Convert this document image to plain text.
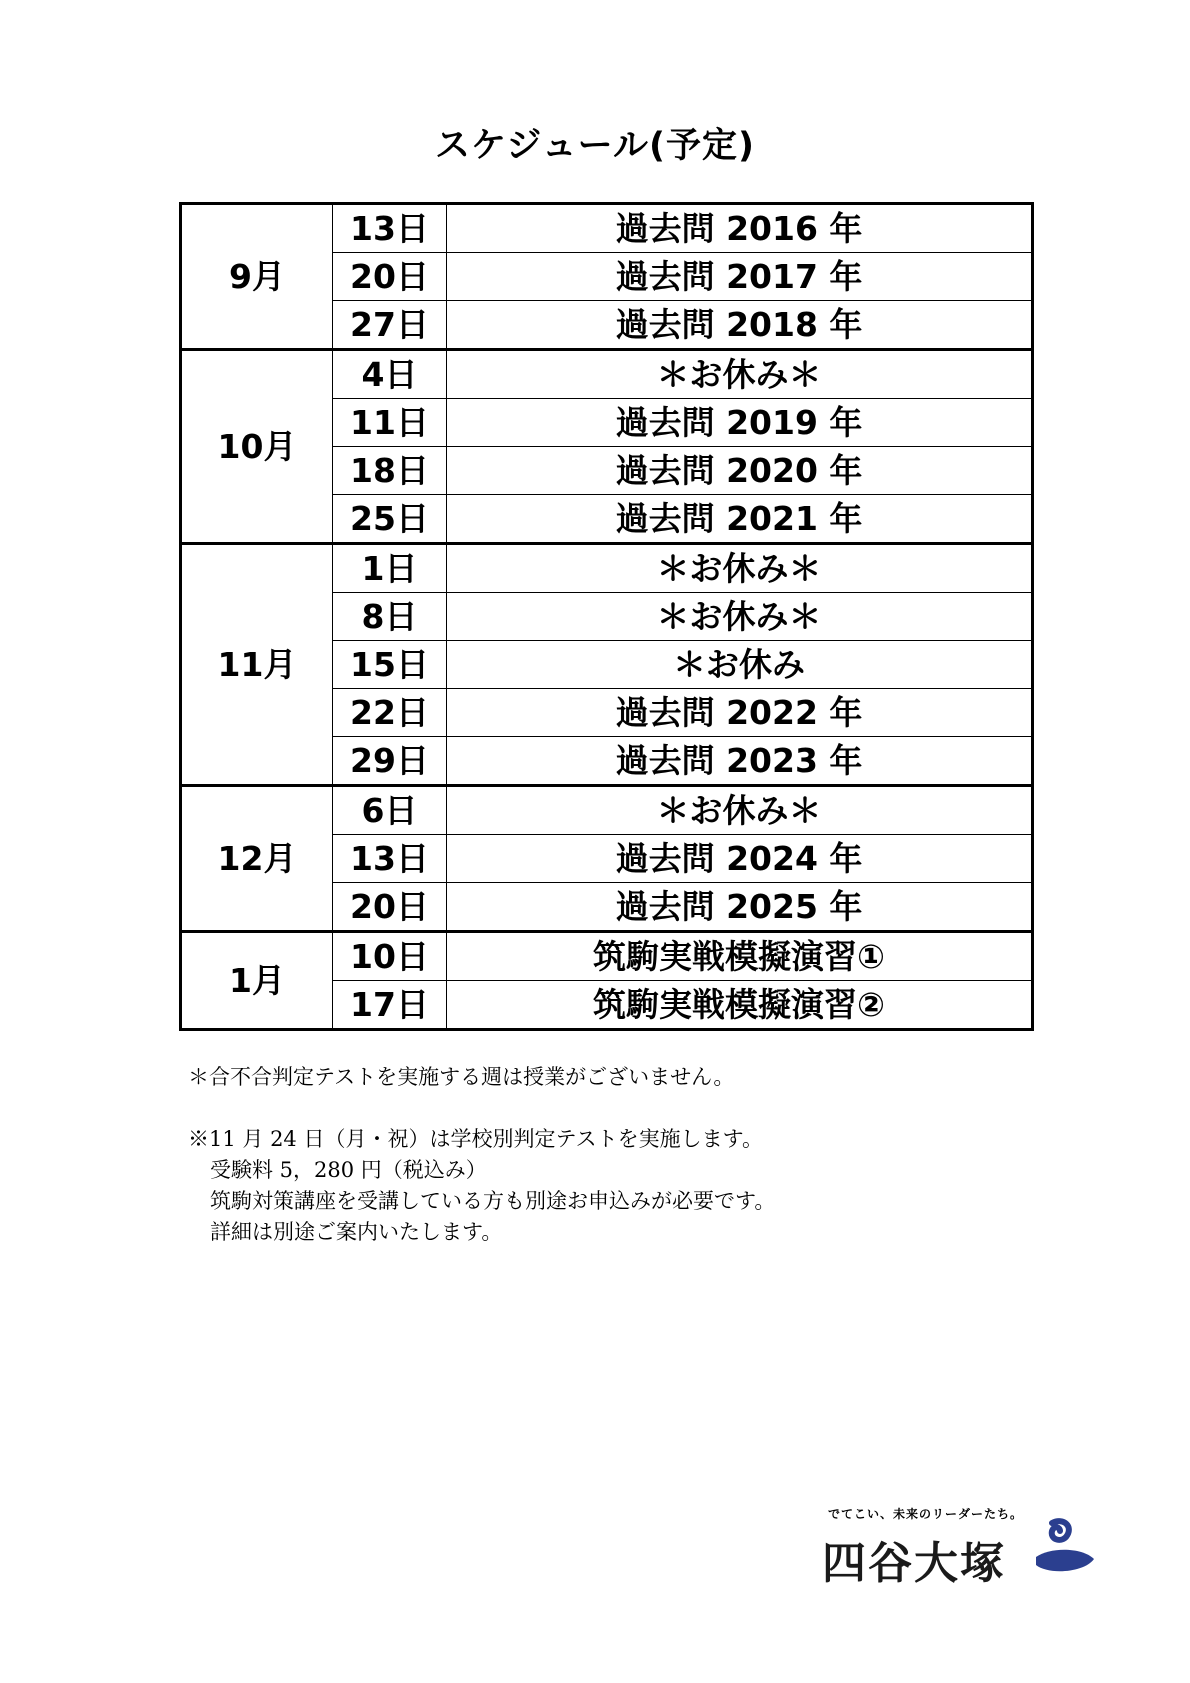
スケジュール(予定)
9月	13日	過去問 2016 年
	20日	過去問 2017 年
	27日	過去問 2018 年
10月	4日	＊お休み＊
	11日	過去問 2019 年
	18日	過去問 2020 年
	25日	過去問 2021 年
11月	1日	＊お休み＊
	8日	＊お休み＊
	15日	＊お休み
	22日	過去問 2022 年
	29日	過去問 2023 年
12月	6日	＊お休み＊
	13日	過去問 2024 年
	20日	過去問 2025 年
1月	10日	筑駒実戦模擬演習①
	17日	筑駒実戦模擬演習②

＊合不合判定テストを実施する週は授業がございません。

※11 月 24 日（月・祝）は学校別判定テストを実施します。

受験料 5，280 円（税込み）

筑駒対策講座を受講している方も別途お申込みが必要です。

詳細は別途ご案内いたします。

でてこい、未来のリーダーたち。
四谷大塚
